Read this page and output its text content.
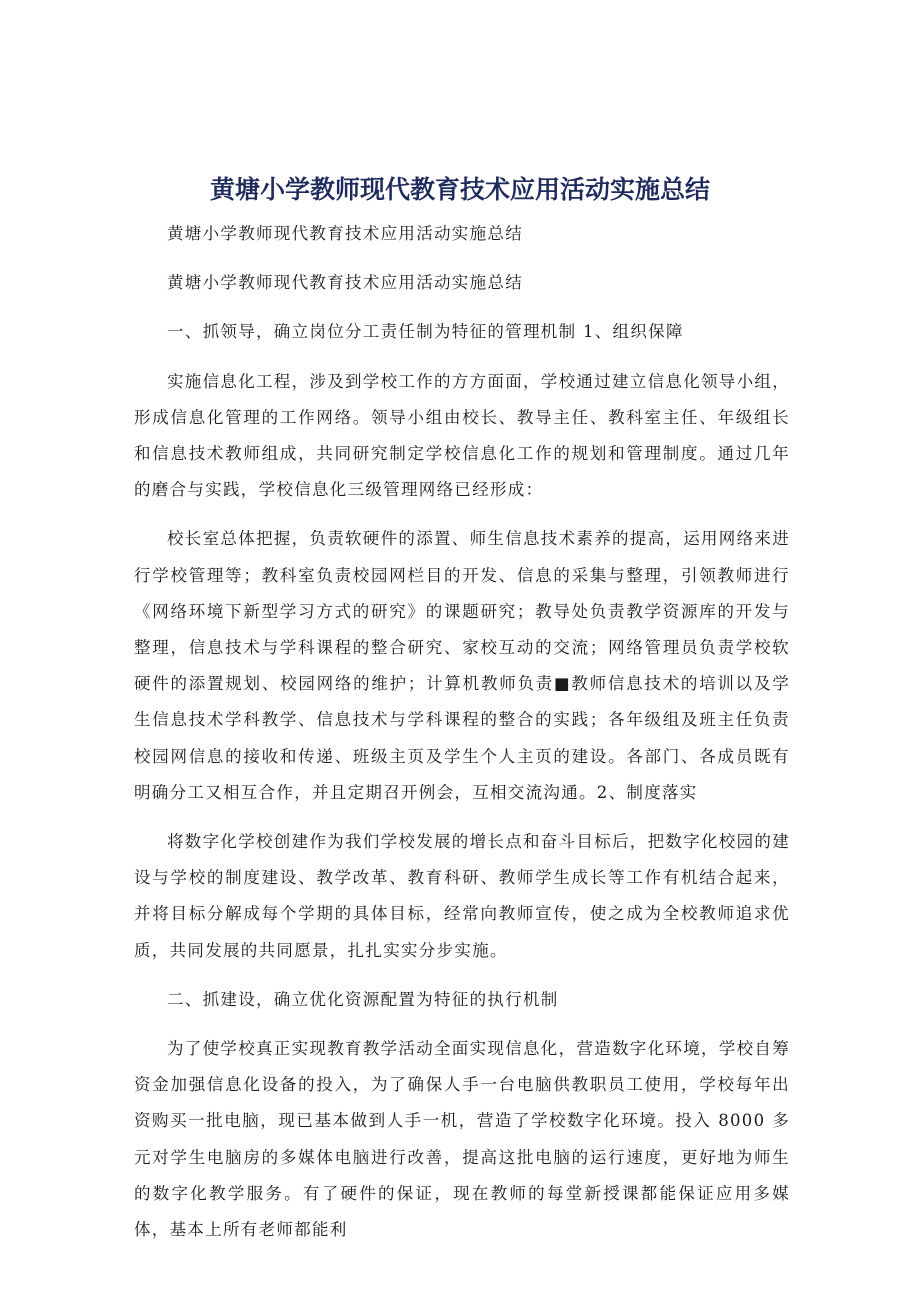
黄塘小学教师现代教育技术应用活动实施总结

黄塘小学教师现代教育技术应用活动实施总结

黄塘小学教师现代教育技术应用活动实施总结

一、抓领导，确立岗位分工责任制为特征的管理机制 1、组织保障

实施信息化工程，涉及到学校工作的方方面面，学校通过建立信息化领导小组，形成信息化管理的工作网络。领导小组由校长、教导主任、教科室主任、年级组长和信息技术教师组成，共同研究制定学校信息化工作的规划和管理制度。通过几年的磨合与实践，学校信息化三级管理网络已经形成：

校长室总体把握，负责软硬件的添置、师生信息技术素养的提高，运用网络来进行学校管理等；教科室负责校园网栏目的开发、信息的采集与整理，引领教师进行《网络环境下新型学习方式的研究》的课题研究；教导处负责教学资源库的开发与整理，信息技术与学科课程的整合研究、家校互动的交流；网络管理员负责学校软硬件的添置规划、校园网络的维护；计算机教师负责■教师信息技术的培训以及学生信息技术学科教学、信息技术与学科课程的整合的实践；各年级组及班主任负责校园网信息的接收和传递、班级主页及学生个人主页的建设。各部门、各成员既有明确分工又相互合作，并且定期召开例会，互相交流沟通。2、制度落实

将数字化学校创建作为我们学校发展的增长点和奋斗目标后，把数字化校园的建设与学校的制度建设、教学改革、教育科研、教师学生成长等工作有机结合起来，并将目标分解成每个学期的具体目标，经常向教师宣传，使之成为全校教师追求优质，共同发展的共同愿景，扎扎实实分步实施。

二、抓建设，确立优化资源配置为特征的执行机制

为了使学校真正实现教育教学活动全面实现信息化，营造数字化环境，学校自筹资金加强信息化设备的投入，为了确保人手一台电脑供教职员工使用，学校每年出资购买一批电脑，现已基本做到人手一机，营造了学校数字化环境。投入 8000 多元对学生电脑房的多媒体电脑进行改善，提高这批电脑的运行速度，更好地为师生的数字化教学服务。有了硬件的保证，现在教师的每堂新授课都能保证应用多媒体，基本上所有老师都能利
